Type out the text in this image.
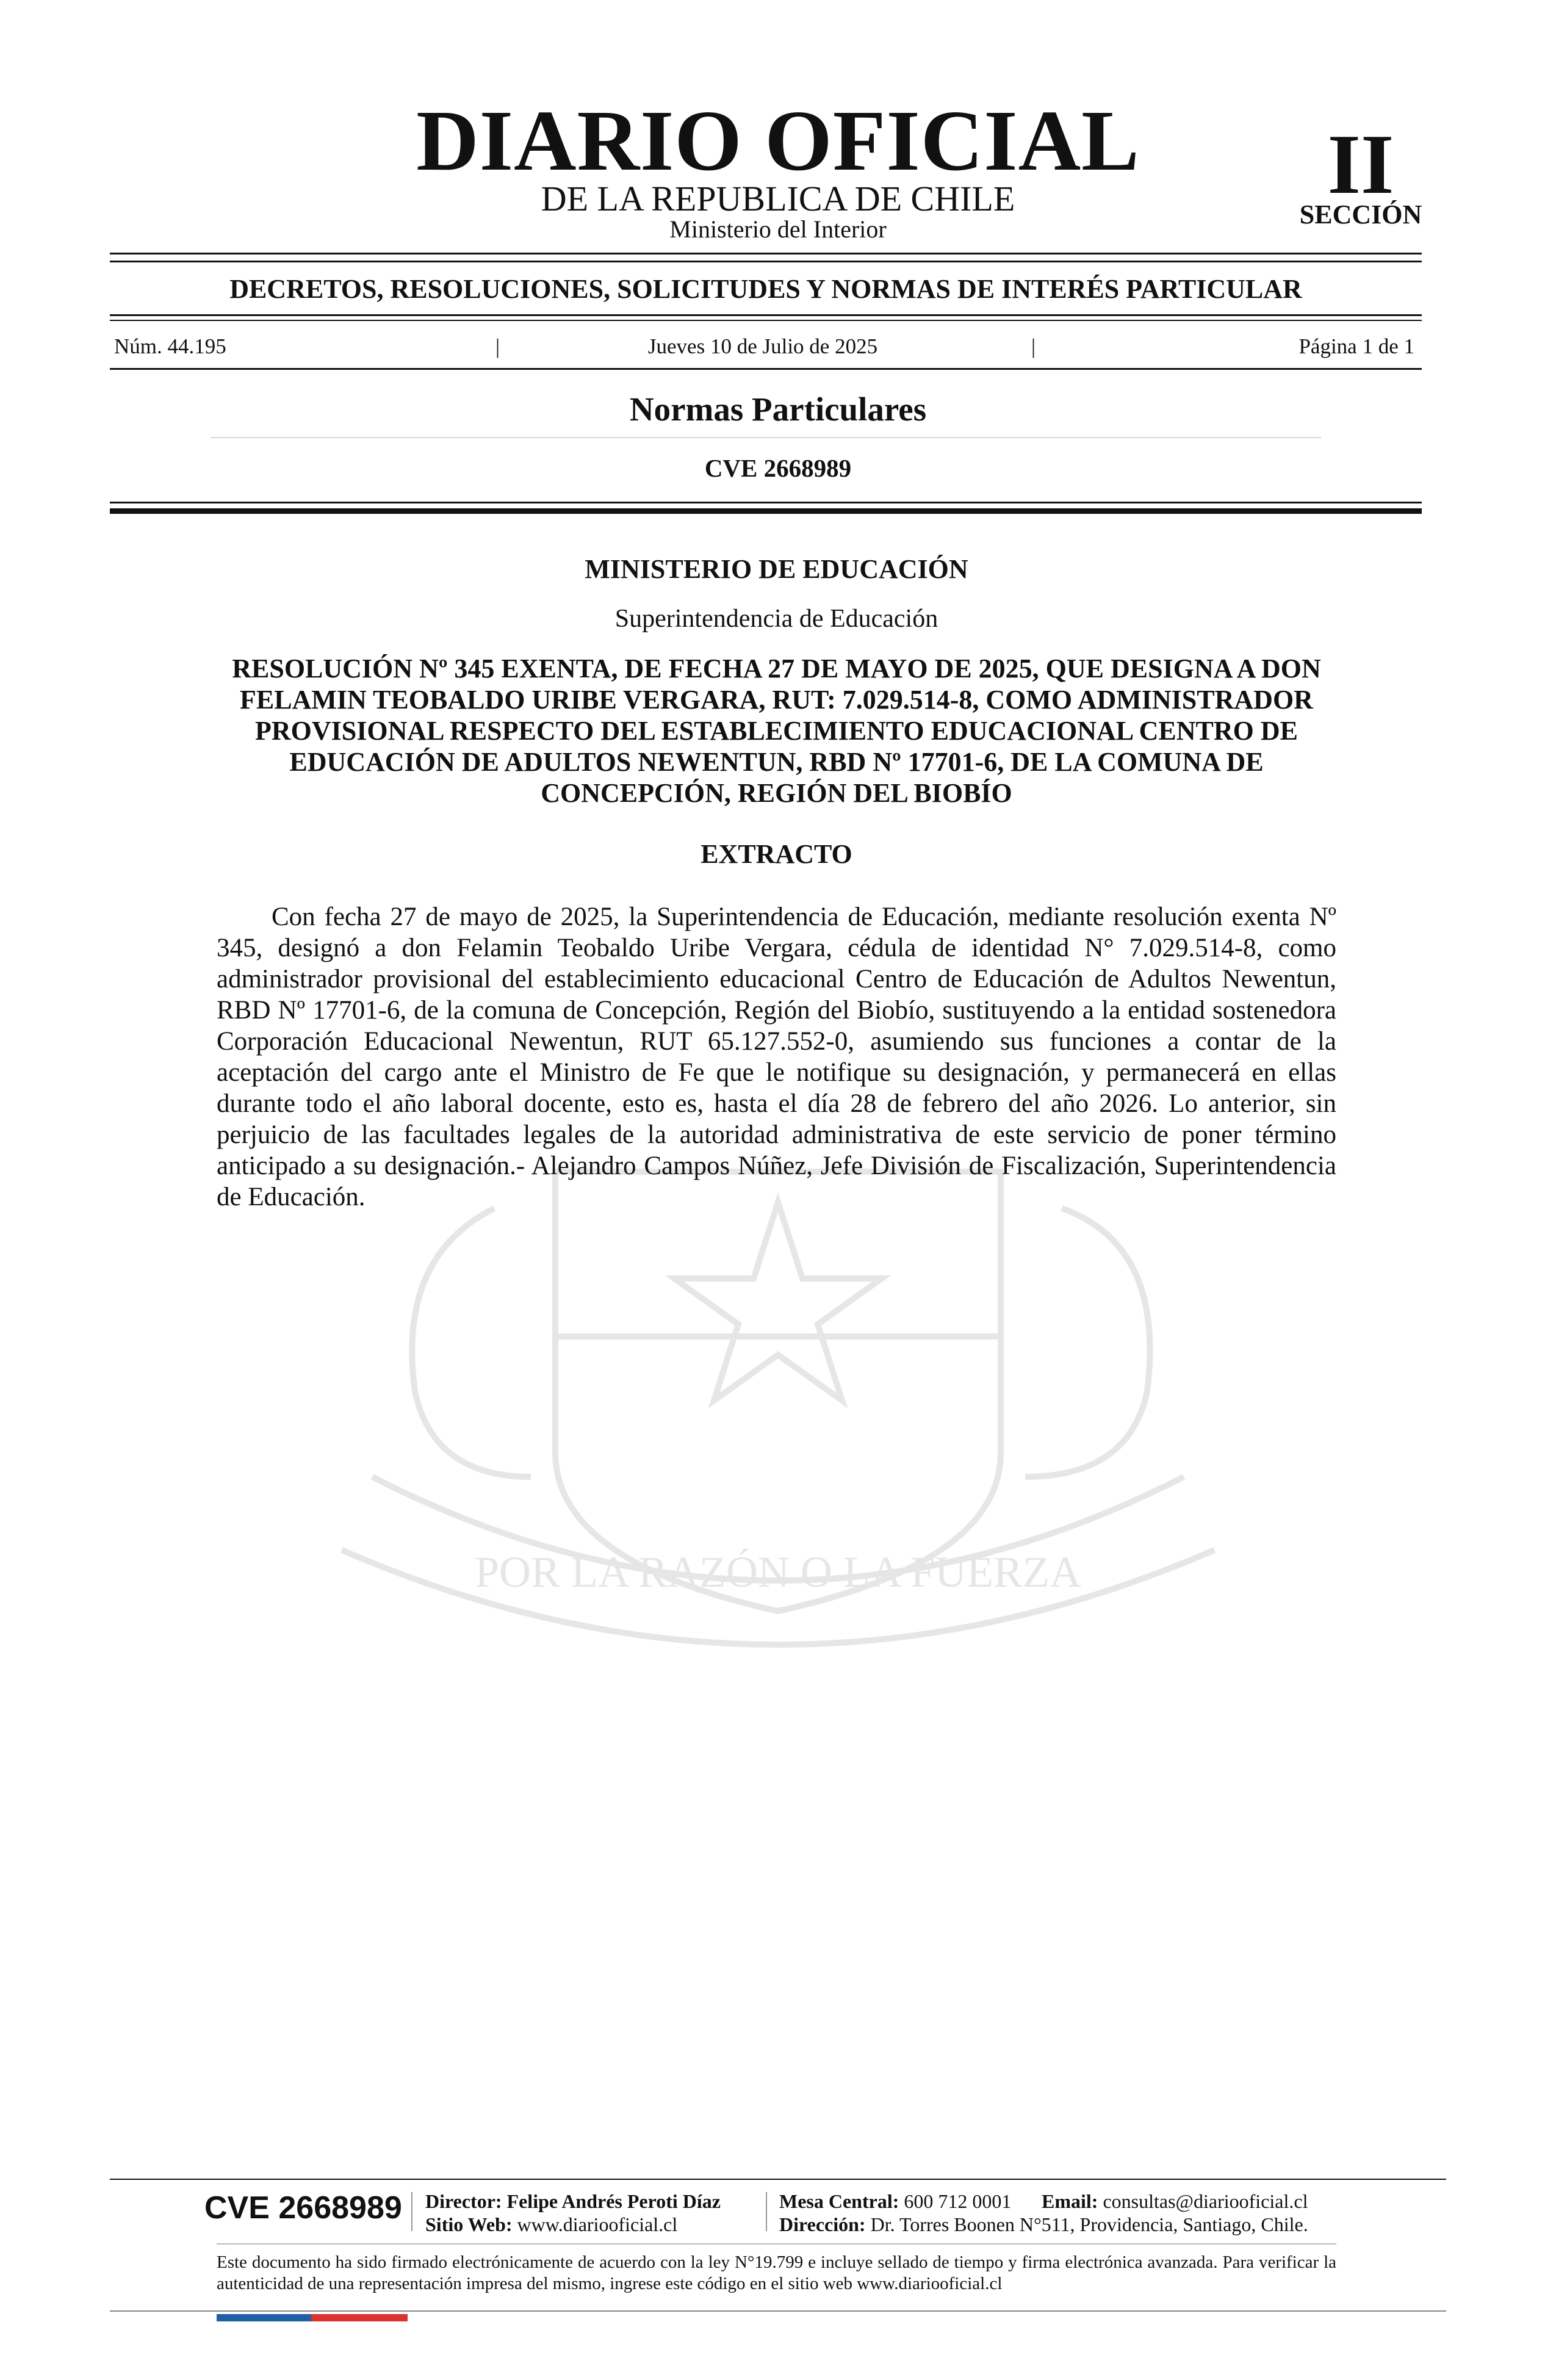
DIARIO OFICIAL
DE LA REPUBLICA DE CHILE
Ministerio del Interior
II
SECCIÓN
DECRETOS, RESOLUCIONES, SOLICITUDES Y NORMAS DE INTERÉS PARTICULAR
Núm. 44.195	|	Jueves 10 de Julio de 2025	|	Página 1 de 1
Normas Particulares
CVE 2668989
POR LA RAZÓN O LA FUERZA
MINISTERIO DE EDUCACIÓN
Superintendencia de Educación
RESOLUCIÓN Nº 345 EXENTA, DE FECHA 27 DE MAYO DE 2025, QUE DESIGNA A DON FELAMIN TEOBALDO URIBE VERGARA, RUT: 7.029.514-8, COMO ADMINISTRADOR PROVISIONAL RESPECTO DEL ESTABLECIMIENTO EDUCACIONAL CENTRO DE EDUCACIÓN DE ADULTOS NEWENTUN, RBD Nº 17701-6, DE LA COMUNA DE CONCEPCIÓN, REGIÓN DEL BIOBÍO
EXTRACTO
Con fecha 27 de mayo de 2025, la Superintendencia de Educación, mediante resolución exenta Nº 345, designó a don Felamin Teobaldo Uribe Vergara, cédula de identidad N° 7.029.514-8, como administrador provisional del establecimiento educacional Centro de Educación de Adultos Newentun, RBD Nº 17701-6, de la comuna de Concepción, Región del Biobío, sustituyendo a la entidad sostenedora Corporación Educacional Newentun, RUT 65.127.552-0, asumiendo sus funciones a contar de la aceptación del cargo ante el Ministro de Fe que le notifique su designación, y permanecerá en ellas durante todo el año laboral docente, esto es, hasta el día 28 de febrero del año 2026. Lo anterior, sin perjuicio de las facultades legales de la autoridad administrativa de este servicio de poner término anticipado a su designación.- Alejandro Campos Núñez, Jefe División de Fiscalización, Superintendencia de Educación.
CVE 2668989	Director: Felipe Andrés Peroti Díaz
Sitio Web: www.diariooficial.cl
Mesa Central: 600 712 0001 Email: consultas@diariooficial.cl
Dirección: Dr. Torres Boonen N°511, Providencia, Santiago, Chile.
Este documento ha sido firmado electrónicamente de acuerdo con la ley N°19.799 e incluye sellado de tiempo y firma electrónica avanzada. Para verificar la autenticidad de una representación impresa del mismo, ingrese este código en el sitio web www.diariooficial.cl
